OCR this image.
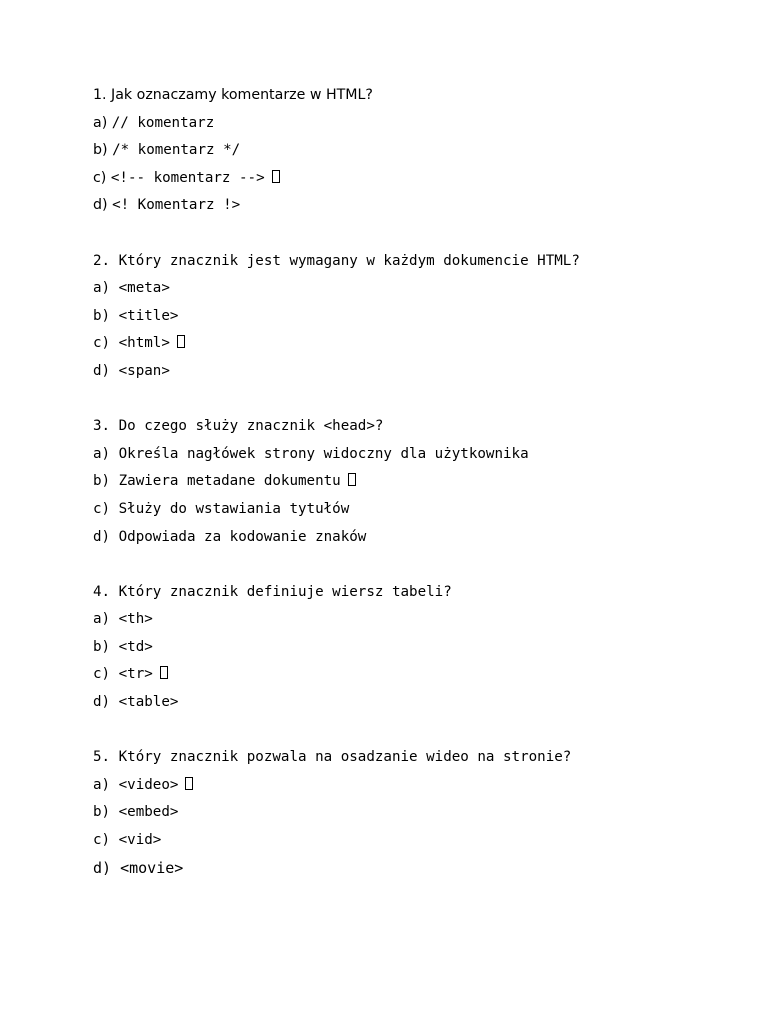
1. Jak oznaczamy komentarze w HTML?
a) // komentarz
b) /* komentarz */
c) <!-- komentarz -->
d) <! Komentarz !>
2. Który znacznik jest wymagany w każdym dokumencie HTML?
a) <meta>
b) <title>
c) <html>
d) <span>
3. Do czego służy znacznik <head>?
a) Określa nagłówek strony widoczny dla użytkownika
b) Zawiera metadane dokumentu
c) Służy do wstawiania tytułów
d) Odpowiada za kodowanie znaków
4. Który znacznik definiuje wiersz tabeli?
a) <th>
b) <td>
c) <tr>
d) <table>
5. Który znacznik pozwala na osadzanie wideo na stronie?
a) <video>
b) <embed>
c) <vid>
d) <movie>
